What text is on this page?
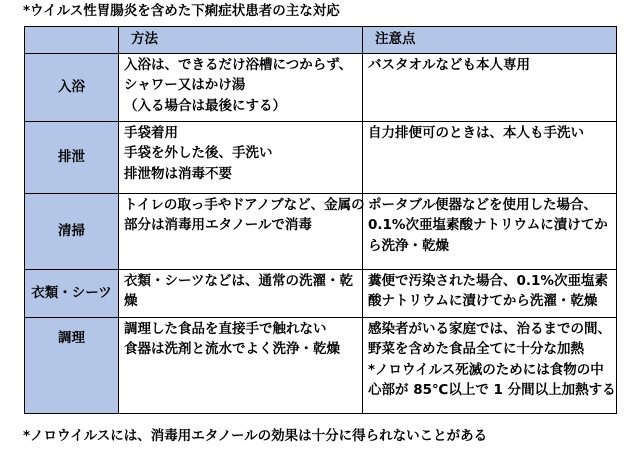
*ウイルス性胃腸炎を含めた下痢症状患者の主な対応
	方法	注意点
入浴	入浴は、できるだけ浴槽につからず、
シャワー又はかけ湯
（入る場合は最後にする）	バスタオルなども本人専用

排泄	手袋着用
手袋を外した後、手洗い
排泄物は消毒不要	自力排便可のときは、本人も手洗い

清掃	トイレの取っ手やドアノブなど、金属の
部分は消毒用エタノールで消毒	ポータブル便器などを使用した場合、
0.1%次亜塩素酸ナトリウムに漬けてか
ら洗浄・乾燥

衣類・シーツ	衣類・シーツなどは、通常の洗濯・乾
燥	糞便で汚染された場合、0.1%次亜塩素
酸ナトリウムに漬けてから洗濯・乾燥

調理	調理した食品を直接手で触れない
食器は洗剤と流水でよく洗浄・乾燥	感染者がいる家庭では、治るまでの間、
野菜を含めた食品全てに十分な加熱
*ノロウイルス死滅のためには食物の中
心部が 85℃以上で 1 分間以上加熱する
*ノロウイルスには、消毒用エタノールの効果は十分に得られないことがある
